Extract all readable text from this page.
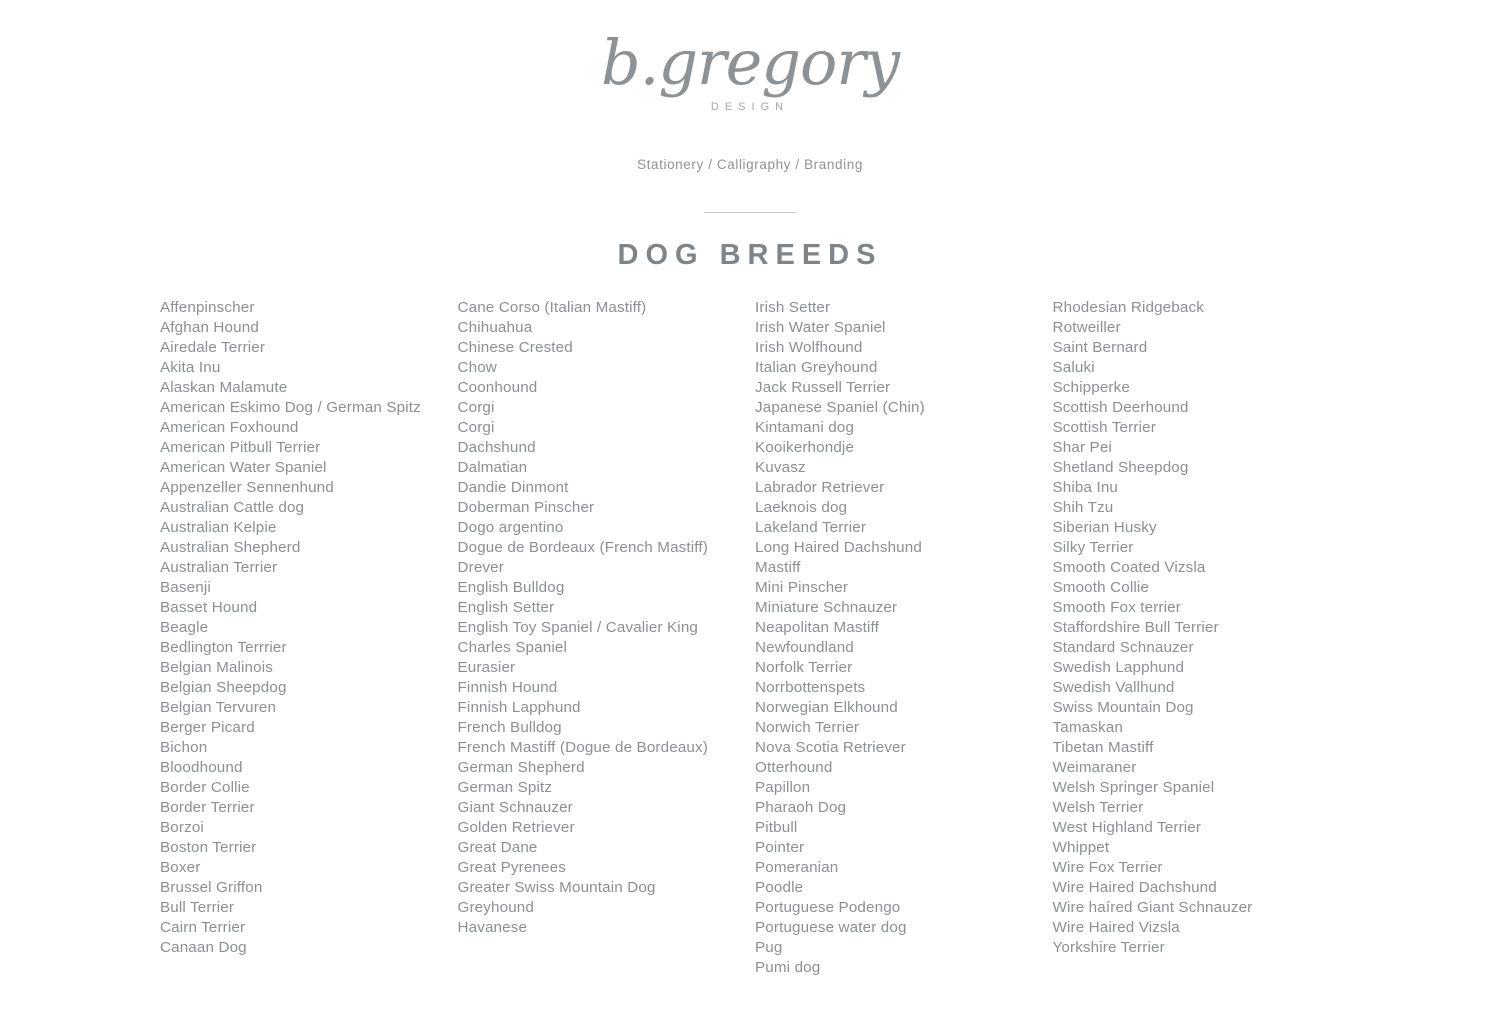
b.gregory
DESIGN
Stationery / Calligraphy / Branding
DOG BREEDS
Affenpinscher
Afghan Hound
Airedale Terrier
Akita Inu
Alaskan Malamute
American Eskimo Dog / German Spitz
American Foxhound
American Pitbull Terrier
American Water Spaniel
Appenzeller Sennenhund
Australian Cattle dog
Australian Kelpie
Australian Shepherd
Australian Terrier
Basenji
Basset Hound
Beagle
Bedlington Terrrier
Belgian Malinois
Belgian Sheepdog
Belgian Tervuren
Berger Picard
Bichon
Bloodhound
Border Collie
Border Terrier
Borzoi
Boston Terrier
Boxer
Brussel Griffon
Bull Terrier
Cairn Terrier
Canaan Dog
Cane Corso (Italian Mastiff)
Chihuahua
Chinese Crested
Chow
Coonhound
Corgi
Corgi
Dachshund
Dalmatian
Dandie Dinmont
Doberman Pinscher
Dogo argentino
Dogue de Bordeaux (French Mastiff)
Drever
English Bulldog
English Setter
English Toy Spaniel / Cavalier King Charles Spaniel
Eurasier
Finnish Hound
Finnish Lapphund
French Bulldog
French Mastiff (Dogue de Bordeaux)
German Shepherd
German Spitz
Giant Schnauzer
Golden Retriever
Great Dane
Great Pyrenees
Greater Swiss Mountain Dog
Greyhound
Havanese
Irish Setter
Irish Water Spaniel
Irish Wolfhound
Italian Greyhound
Jack Russell Terrier
Japanese Spaniel (Chin)
Kintamani dog
Kooikerhondje
Kuvasz
Labrador Retriever
Laeknois dog
Lakeland Terrier
Long Haired Dachshund
Mastiff
Mini Pinscher
Miniature Schnauzer
Neapolitan Mastiff
Newfoundland
Norfolk Terrier
Norrbottenspets
Norwegian Elkhound
Norwich Terrier
Nova Scotia Retriever
Otterhound
Papillon
Pharaoh Dog
Pitbull
Pointer
Pomeranian
Poodle
Portuguese Podengo
Portuguese water dog
Pug
Pumi dog
Rhodesian Ridgeback
Rotweiller
Saint Bernard
Saluki
Schipperke
Scottish Deerhound
Scottish Terrier
Shar Pei
Shetland Sheepdog
Shiba Inu
Shih Tzu
Siberian Husky
Silky Terrier
Smooth Coated Vizsla
Smooth Collie
Smooth Fox terrier
Staffordshire Bull Terrier
Standard Schnauzer
Swedish Lapphund
Swedish Vallhund
Swiss Mountain Dog
Tamaskan
Tibetan Mastiff
Weimaraner
Welsh Springer Spaniel
Welsh Terrier
West Highland Terrier
Whippet
Wire Fox Terrier
Wire Haired Dachshund
Wire haíred Giant Schnauzer
Wire Haired Vizsla
Yorkshire Terrier
